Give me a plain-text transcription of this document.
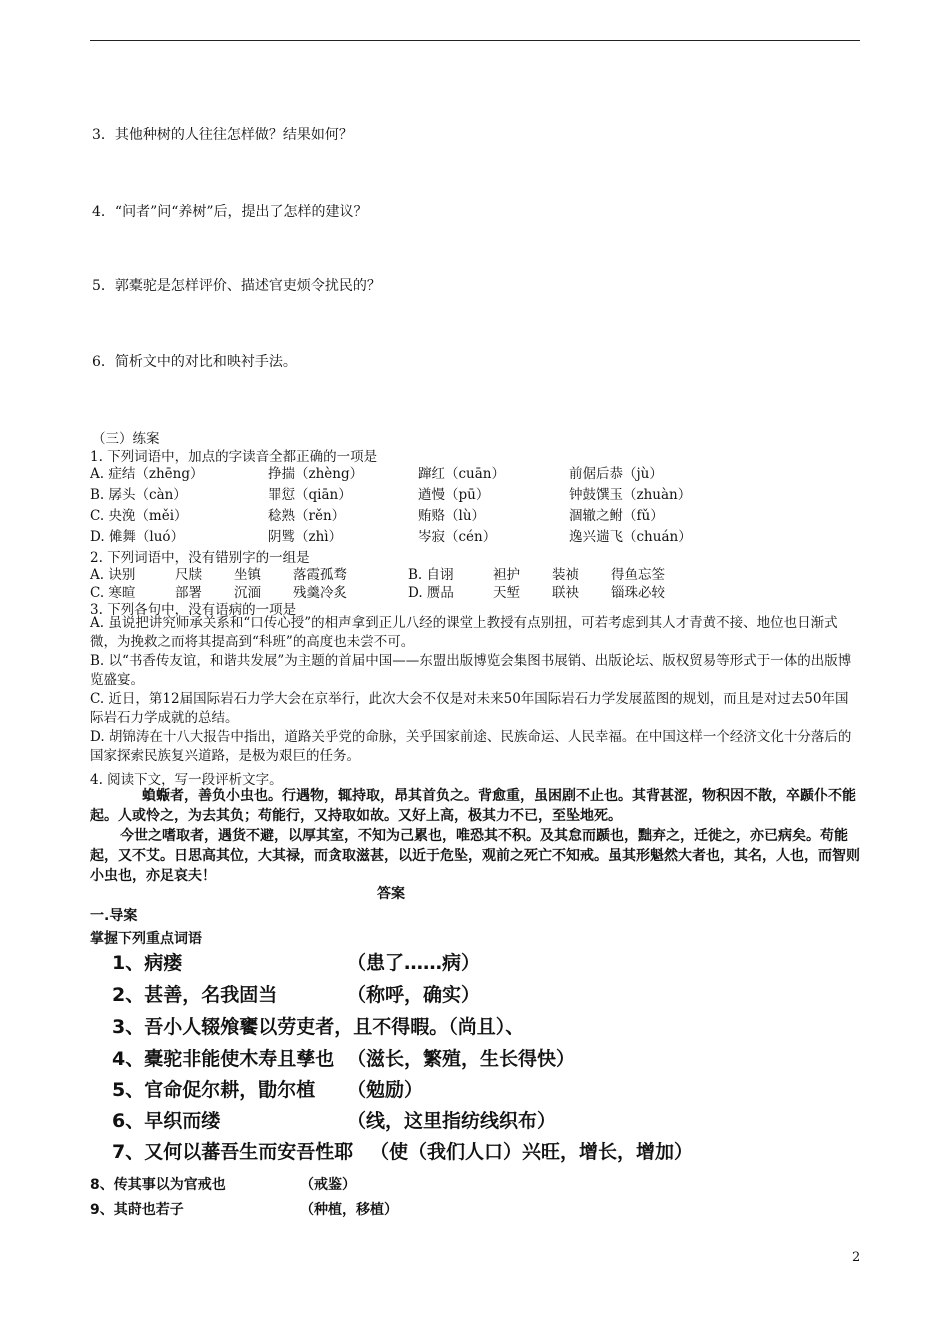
3．其他种树的人往往怎样做？结果如何？
4．“问者”问“养树”后，提出了怎样的建议？
5．郭橐驼是怎样评价、描述官吏烦令扰民的？
6．简析文中的对比和映衬手法。
（三）练案
1. 下列词语中，加点的字读音全都正确的一项是
A. 症结（zhēng）	挣揣（zhèng）	蹿红（cuān）	前倨后恭（jù）
B. 孱头（càn）	罪愆（qiān）	遒慢（pū）	钟鼓馔玉（zhuàn）
C. 央浼（měi）	稔熟（rěn）	贿赂（lù）	涸辙之鲋（fǔ）
D. 傩舞（luó）	阴骘（zhì）	岑寂（cén）	逸兴遄飞（chuán）
2. 下列词语中，没有错别字的一组是
A. 诀别	尺牍 坐镇 落霞孤骛	B. 自诩	袒护 装祯 得鱼忘筌
C. 寒暄	部署 沉湎 残羹冷炙	D. 赝品	天堑 联袂 锱珠必较
3. 下列各句中，没有语病的一项是
A. 虽说把讲究师承关系和“口传心授”的相声拿到正儿八经的课堂上教授有点别扭，可若考虑到其人才青黄不接、地位也日渐式微，为挽救之而将其提高到“科班”的高度也未尝不可。
B. 以“书香传友谊，和谐共发展”为主题的首届中国——东盟出版博览会集图书展销、出版论坛、版权贸易等形式于一体的出版博览盛宴。
C. 近日，第12届国际岩石力学大会在京举行，此次大会不仅是对未来50年国际岩石力学发展蓝图的规划，而且是对过去50年国际岩石力学成就的总结。
D. 胡锦涛在十八大报告中指出，道路关乎党的命脉，关乎国家前途、民族命运、人民幸福。在中国这样一个经济文化十分落后的国家探索民族复兴道路，是极为艰巨的任务。
4. 阅读下文，写一段评析文字。
蝜蝂者，善负小虫也。行遇物，辄持取，昂其首负之。背愈重，虽困剧不止也。其背甚涩，物积因不散，卒踬仆不能起。人或怜之，为去其负；苟能行，又持取如故。又好上高，极其力不已，至坠地死。
今世之嗜取者，遇货不避，以厚其室，不知为己累也，唯恐其不积。及其怠而踬也，黜弃之，迁徙之，亦已病矣。苟能起，又不艾。日思高其位，大其禄，而贪取滋甚，以近于危坠，观前之死亡不知戒。虽其形魁然大者也，其名，人也，而智则小虫也，亦足哀夫！
答案
一.导案
掌握下列重点词语
1、病瘘	（患了……病）
2、甚善，名我固当	（称呼，确实）
3、吾小人辍飧饔以劳吏者，且不得暇。（尚且）、
4、橐驼非能使木寿且孳也 （滋长，繁殖，生长得快）
5、官命促尔耕，勖尔植 （勉励）
6、早织而缕	（线，这里指纺线织布）
7、又何以蕃吾生而安吾性耶 （使（我们人口）兴旺，增长，增加）
8、传其事以为官戒也	（戒鉴）
9、其莳也若子	（种植，移植）
2
